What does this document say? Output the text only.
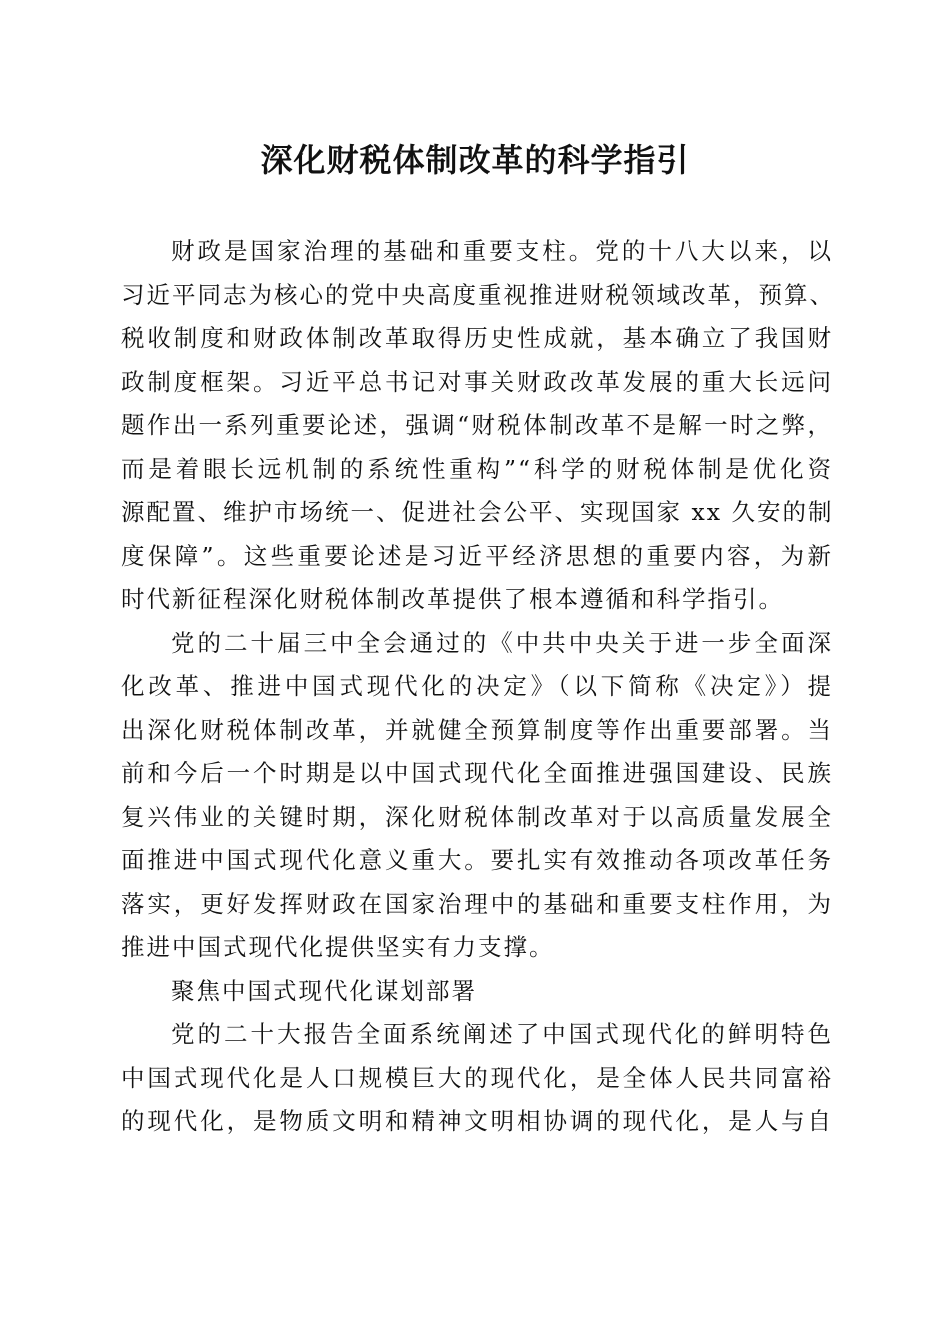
深化财税体制改革的科学指引

财政是国家治理的基础和重要支柱。党的十八大以来，以
习近平同志为核心的党中央高度重视推进财税领域改革，预算、
税收制度和财政体制改革取得历史性成就，基本确立了我国财
政制度框架。习近平总书记对事关财政改革发展的重大长远问
题作出一系列重要论述，强调“财税体制改革不是解一时之弊，
而是着眼长远机制的系统性重构”“科学的财税体制是优化资
源配置、维护市场统一、促进社会公平、实现国家 xx 久安的制
度保障”。这些重要论述是习近平经济思想的重要内容，为新
时代新征程深化财税体制改革提供了根本遵循和科学指引。

党的二十届三中全会通过的《中共中央关于进一步全面深
化改革、推进中国式现代化的决定》（以下简称《决定》）提
出深化财税体制改革，并就健全预算制度等作出重要部署。当
前和今后一个时期是以中国式现代化全面推进强国建设、民族
复兴伟业的关键时期，深化财税体制改革对于以高质量发展全
面推进中国式现代化意义重大。要扎实有效推动各项改革任务
落实，更好发挥财政在国家治理中的基础和重要支柱作用，为
推进中国式现代化提供坚实有力支撑。

聚焦中国式现代化谋划部署

党的二十大报告全面系统阐述了中国式现代化的鲜明特色
中国式现代化是人口规模巨大的现代化，是全体人民共同富裕
的现代化，是物质文明和精神文明相协调的现代化，是人与自
